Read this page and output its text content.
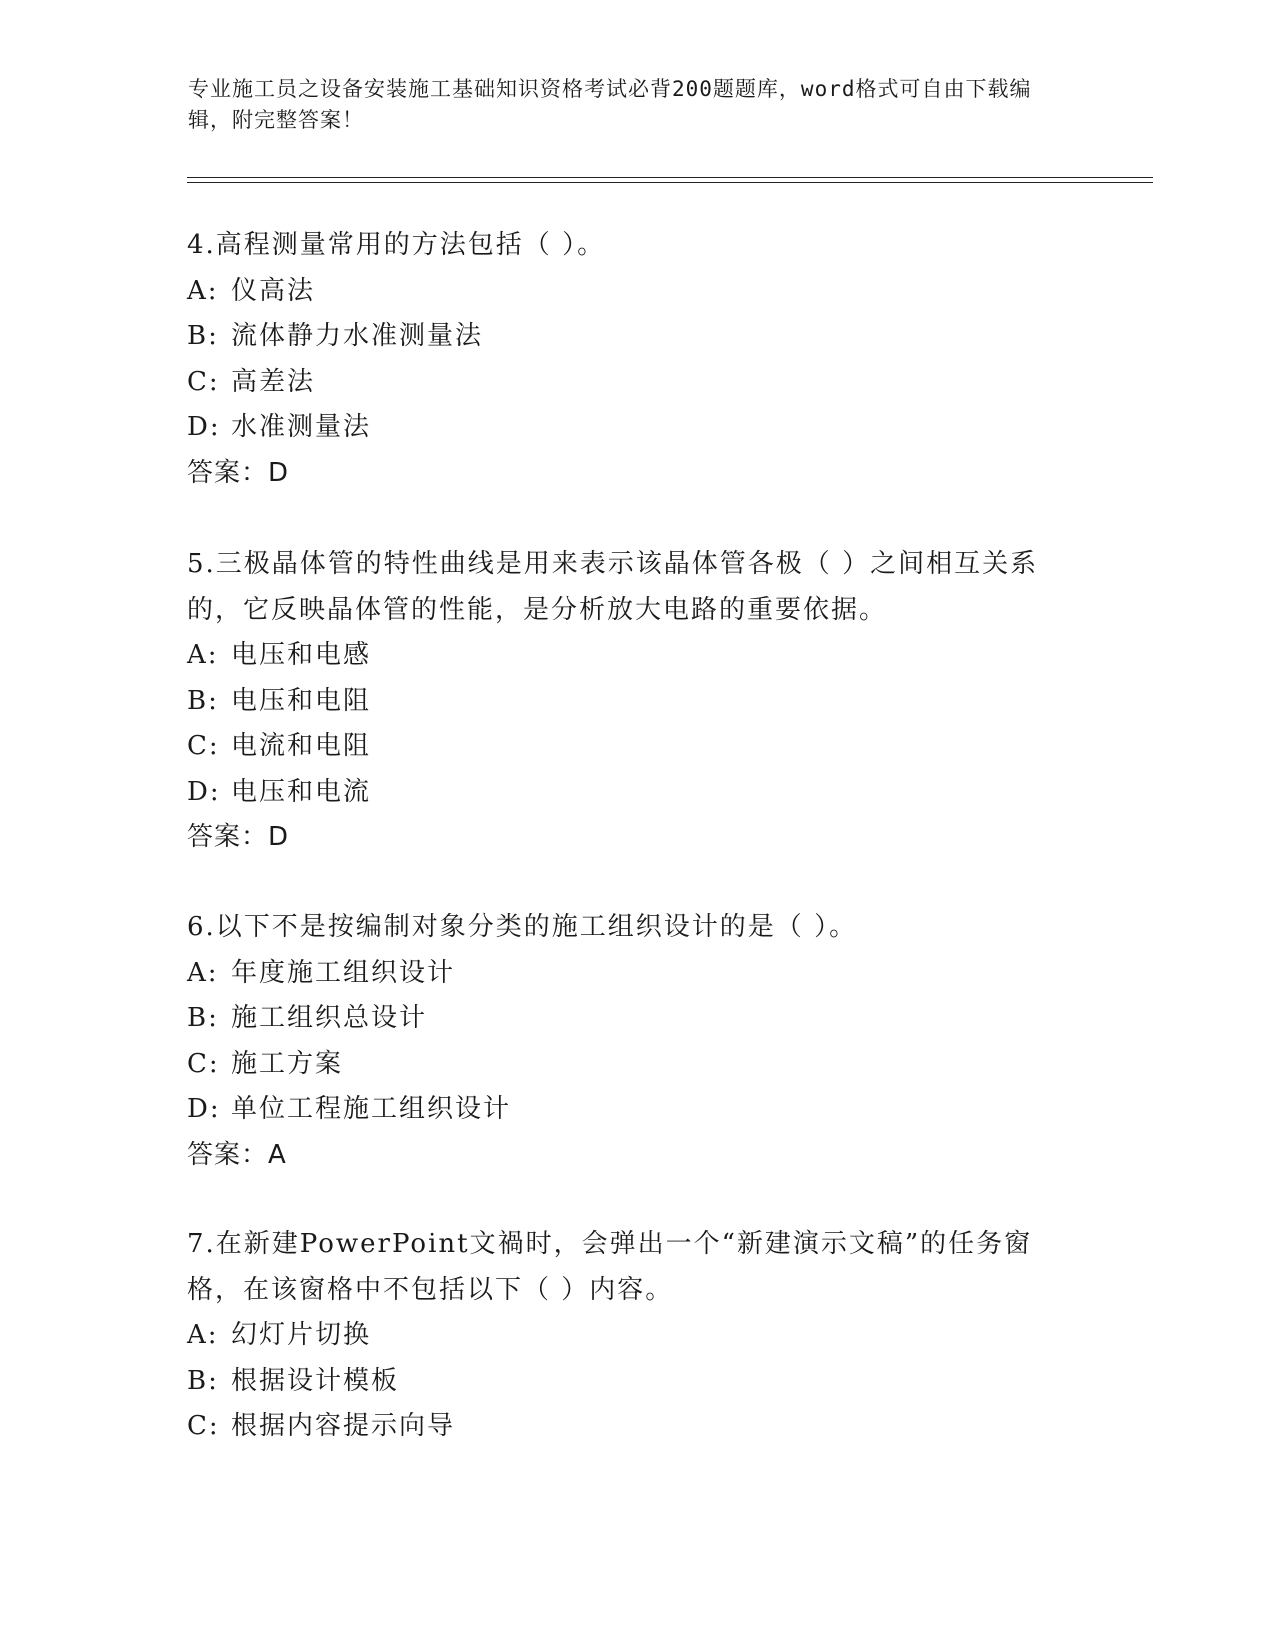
专业施工员之设备安装施工基础知识资格考试必背200题题库，word格式可自由下载编辑，附完整答案！
4.高程测量常用的方法包括（ ）。
A: 仪高法
B: 流体静力水准测量法
C: 高差法
D: 水准测量法
答案：D
5.三极晶体管的特性曲线是用来表示该晶体管各极（ ）之间相互关系的，它反映晶体管的性能，是分析放大电路的重要依据。
A: 电压和电感
B: 电压和电阻
C: 电流和电阻
D: 电压和电流
答案：D
6.以下不是按编制对象分类的施工组织设计的是（ ）。
A: 年度施工组织设计
B: 施工组织总设计
C: 施工方案
D: 单位工程施工组织设计
答案：A
7.在新建PowerPoint文禍时，会弹出一个“新建演示文稿”的任务窗格，在该窗格中不包括以下（ ）内容。
A: 幻灯片切换
B: 根据设计模板
C: 根据内容提示向导
